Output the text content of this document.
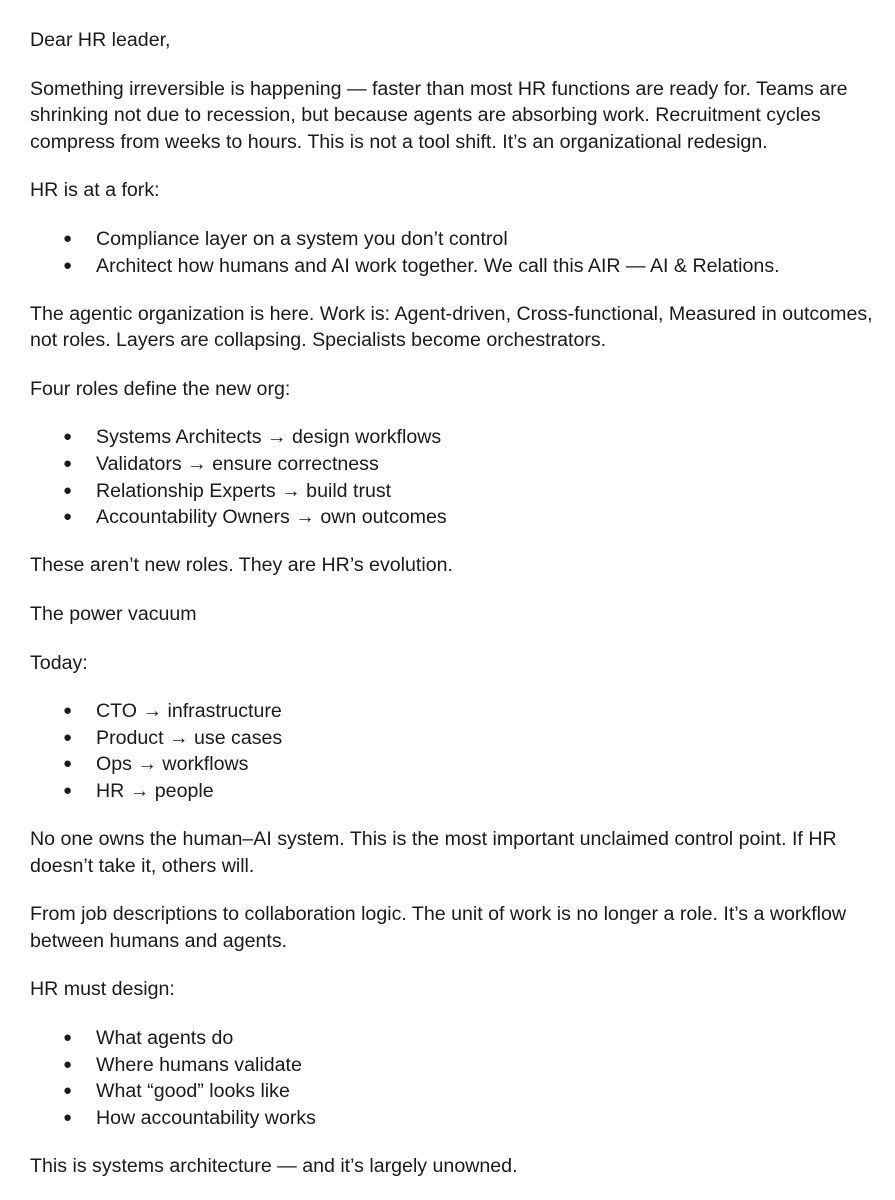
Dear HR leader,

Something irreversible is happening — faster than most HR functions are ready for. Teams are shrinking not due to recession, but because agents are absorbing work. Recruitment cycles compress from weeks to hours. This is not a tool shift. It’s an organizational redesign.

HR is at a fork:

● Compliance layer on a system you don’t control
● Architect how humans and AI work together. We call this AIR — AI & Relations.

The agentic organization is here. Work is: Agent-driven, Cross-functional, Measured in outcomes, not roles. Layers are collapsing. Specialists become orchestrators.

Four roles define the new org:

● Systems Architects → design workflows
● Validators → ensure correctness
● Relationship Experts → build trust
● Accountability Owners → own outcomes

These aren’t new roles. They are HR’s evolution.

The power vacuum

Today:

● CTO → infrastructure
● Product → use cases
● Ops → workflows
● HR → people

No one owns the human–AI system. This is the most important unclaimed control point. If HR doesn’t take it, others will.

From job descriptions to collaboration logic. The unit of work is no longer a role. It’s a workflow between humans and agents.

HR must design:

● What agents do
● Where humans validate
● What “good” looks like
● How accountability works

This is systems architecture — and it’s largely unowned.
